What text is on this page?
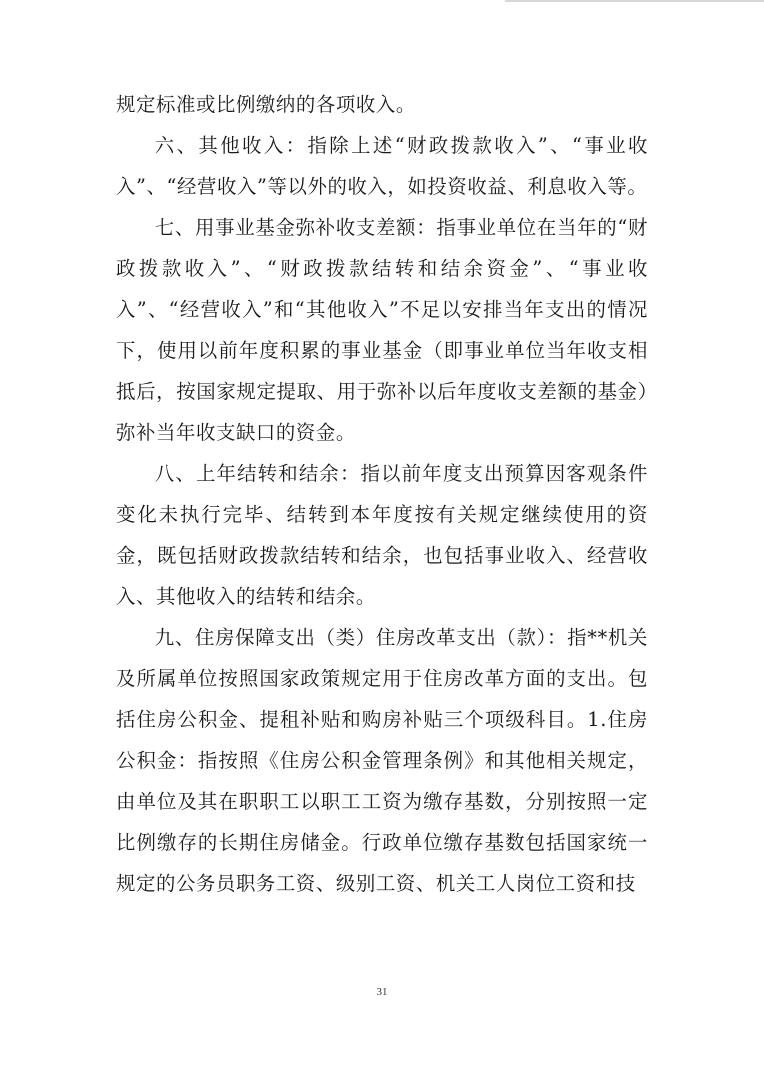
规定标准或比例缴纳的各项收入。

六、其他收入：指除上述“财政拨款收入”、“事业收入”、“经营收入”等以外的收入，如投资收益、利息收入等。

七、用事业基金弥补收支差额：指事业单位在当年的“财政拨款收入”、“财政拨款结转和结余资金”、“事业收入”、“经营收入”和“其他收入”不足以安排当年支出的情况下，使用以前年度积累的事业基金（即事业单位当年收支相抵后，按国家规定提取、用于弥补以后年度收支差额的基金）弥补当年收支缺口的资金。

八、上年结转和结余：指以前年度支出预算因客观条件变化未执行完毕、结转到本年度按有关规定继续使用的资金，既包括财政拨款结转和结余，也包括事业收入、经营收入、其他收入的结转和结余。

九、住房保障支出（类）住房改革支出（款）：指**机关及所属单位按照国家政策规定用于住房改革方面的支出。包括住房公积金、提租补贴和购房补贴三个项级科目。1.住房公积金：指按照《住房公积金管理条例》和其他相关规定，由单位及其在职职工以职工工资为缴存基数，分别按照一定比例缴存的长期住房储金。行政单位缴存基数包括国家统一规定的公务员职务工资、级别工资、机关工人岗位工资和技

31
